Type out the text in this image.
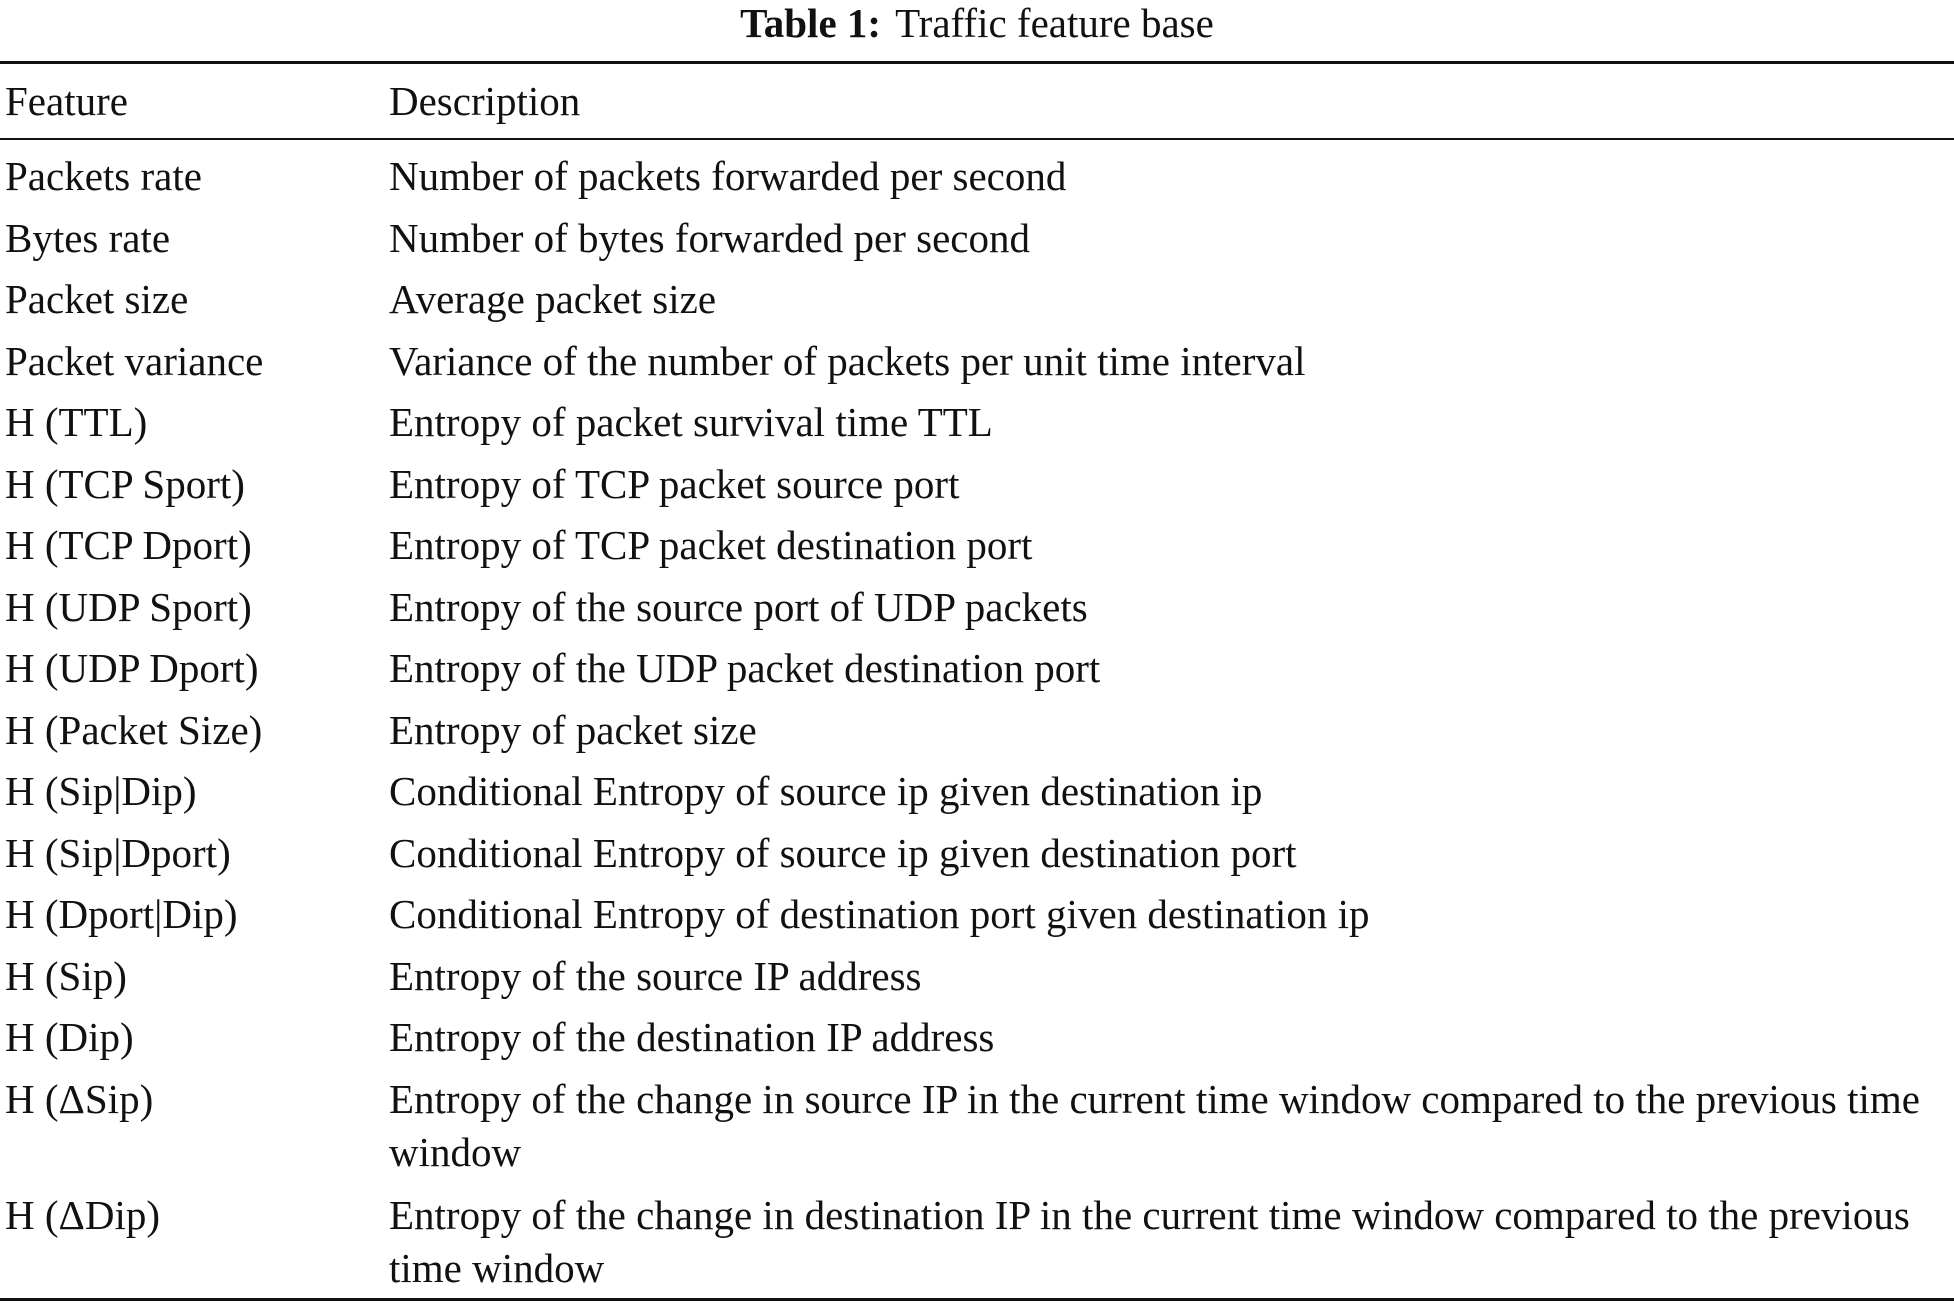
Table 1: Traffic feature base
Feature	Description

Packets rate	Number of packets forwarded per second
Bytes rate	Number of bytes forwarded per second
Packet size	Average packet size
Packet variance	Variance of the number of packets per unit time interval
H (TTL)	Entropy of packet survival time TTL
H (TCP Sport)	Entropy of TCP packet source port
H (TCP Dport)	Entropy of TCP packet destination port
H (UDP Sport)	Entropy of the source port of UDP packets
H (UDP Dport)	Entropy of the UDP packet destination port
H (Packet Size)	Entropy of packet size
H (Sip|Dip)	Conditional Entropy of source ip given destination ip
H (Sip|Dport)	Conditional Entropy of source ip given destination port
H (Dport|Dip)	Conditional Entropy of destination port given destination ip
H (Sip)	Entropy of the source IP address
H (Dip)	Entropy of the destination IP address
H (ΔSip)	Entropy of the change in source IP in the current time window compared to the previous time window
H (ΔDip)	Entropy of the change in destination IP in the current time window compared to the previous time window
